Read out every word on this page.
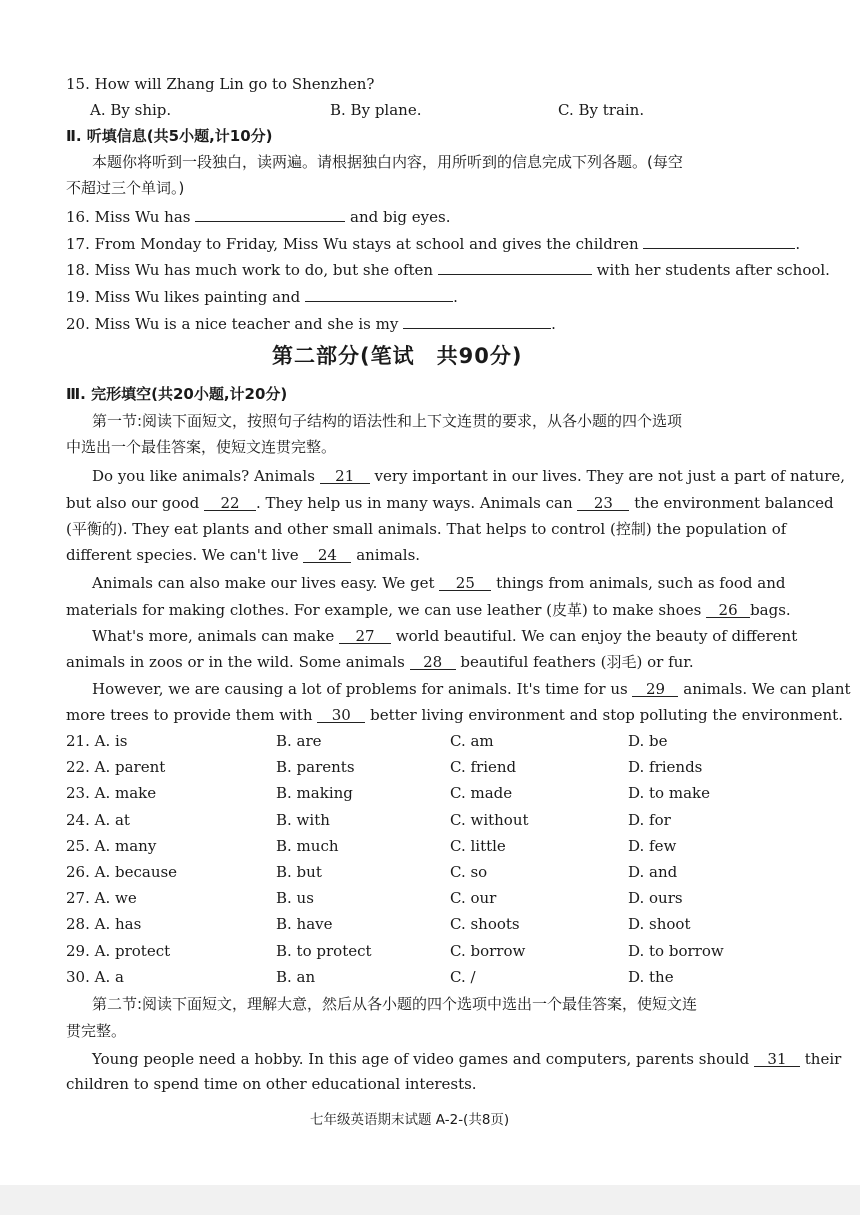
15. How will Zhang Lin go to Shenzhen?
A. By ship.	B. By plane.	C. By train.
Ⅱ. 听填信息(共5小题,计10分)
本题你将听到一段独白，读两遍。请根据独白内容，用所听到的信息完成下列各题。(每空
不超过三个单词。)
16. Miss Wu has	and big eyes.
17. From Monday to Friday, Miss Wu stays at school and gives the children	.
18. Miss Wu has much work to do, but she often	with her students after school.
19. Miss Wu likes painting and	.
20. Miss Wu is a nice teacher and she is my	.
第二部分(笔试　共90分)
Ⅲ. 完形填空(共20小题,计20分)
第一节:阅读下面短文，按照句子结构的语法性和上下文连贯的要求，从各小题的四个选项
中选出一个最佳答案，使短文连贯完整。
Do you like animals? Animals 21 very important in our lives. They are not just a part of nature,
but also our good 22 . They help us in many ways. Animals can 23 the environment balanced
(平衡的). They eat plants and other small animals. That helps to control (控制) the population of
different species. We can't live 24 animals.
Animals can also make our lives easy. We get 25 things from animals, such as food and
materials for making clothes. For example, we can use leather (皮革) to make shoes 26 bags.
What's more, animals can make 27 world beautiful. We can enjoy the beauty of different
animals in zoos or in the wild. Some animals 28 beautiful feathers (羽毛) or fur.
However, we are causing a lot of problems for animals. It's time for us 29 animals. We can plant
more trees to provide them with 30 better living environment and stop polluting the environment.
21. A. is	B. are	C. am	D. be
22. A. parent	B. parents	C. friend	D. friends
23. A. make	B. making	C. made	D. to make
24. A. at	B. with	C. without	D. for
25. A. many	B. much	C. little	D. few
26. A. because	B. but	C. so	D. and
27. A. we	B. us	C. our	D. ours
28. A. has	B. have	C. shoots	D. shoot
29. A. protect	B. to protect	C. borrow	D. to borrow
30. A. a	B. an	C. /	D. the
第二节:阅读下面短文，理解大意，然后从各小题的四个选项中选出一个最佳答案，使短文连
贯完整。
Young people need a hobby. In this age of video games and computers, parents should 31 their
children to spend time on other educational interests.
七年级英语期末试题 A-2-(共8页)
